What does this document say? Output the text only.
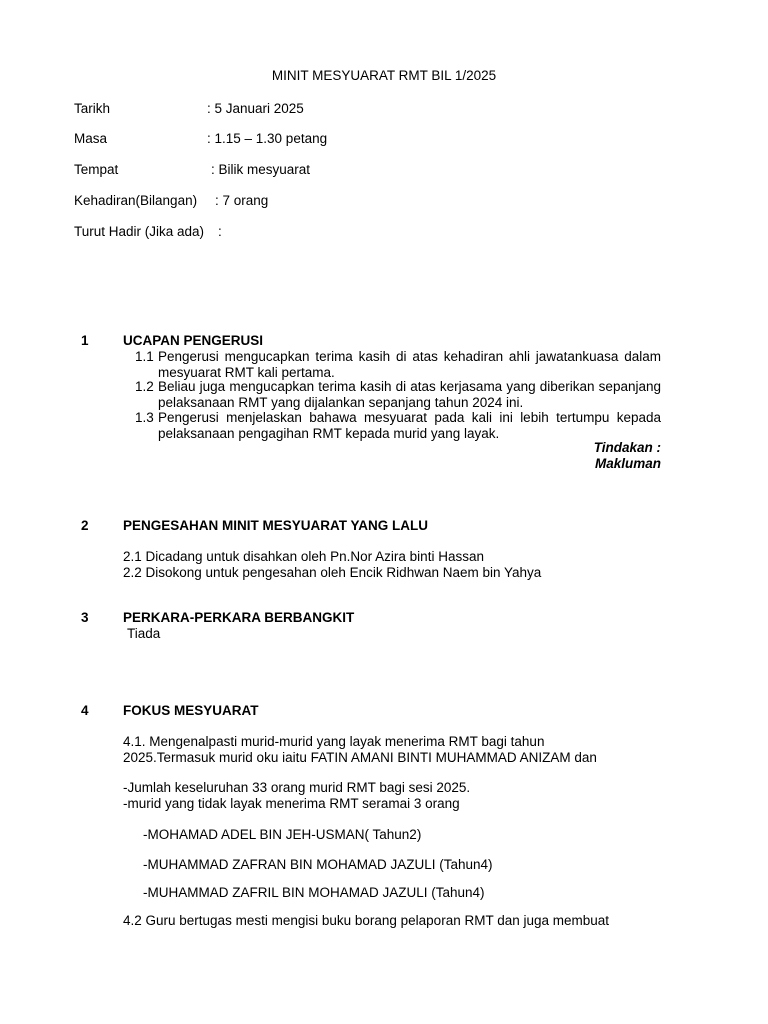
MINIT MESYUARAT RMT BIL 1/2025
Tarikh	: 5 Januari 2025
Masa	: 1.15 – 1.30 petang
Tempat	: Bilik mesyuarat
Kehadiran(Bilangan) : 7 orang
Turut Hadir (Jika ada) :
1	UCAPAN PENGERUSI
1.1 Pengerusi mengucapkan terima kasih di atas kehadiran ahli jawatankuasa dalam mesyuarat RMT kali pertama.
1.2 Beliau juga mengucapkan terima kasih di atas kerjasama yang diberikan sepanjang pelaksanaan RMT yang dijalankan sepanjang tahun 2024 ini.
1.3 Pengerusi menjelaskan bahawa mesyuarat pada kali ini lebih tertumpu kepada pelaksanaan pengagihan RMT kepada murid yang layak.
Tindakan :
Makluman
2	PENGESAHAN MINIT MESYUARAT YANG LALU
2.1 Dicadang untuk disahkan oleh Pn.Nor Azira binti Hassan
2.2 Disokong untuk pengesahan oleh Encik Ridhwan Naem bin Yahya
3	PERKARA-PERKARA BERBANGKIT
Tiada
4	FOKUS MESYUARAT
4.1. Mengenalpasti murid-murid yang layak menerima RMT bagi tahun
2025.Termasuk murid oku iaitu FATIN AMANI BINTI MUHAMMAD ANIZAM dan
-Jumlah keseluruhan 33 orang murid RMT bagi sesi 2025.
-murid yang tidak layak menerima RMT seramai 3 orang
-MOHAMAD ADEL BIN JEH-USMAN( Tahun2)
-MUHAMMAD ZAFRAN BIN MOHAMAD JAZULI (Tahun4)
-MUHAMMAD ZAFRIL BIN MOHAMAD JAZULI (Tahun4)
4.2 Guru bertugas mesti mengisi buku borang pelaporan RMT dan juga membuat
